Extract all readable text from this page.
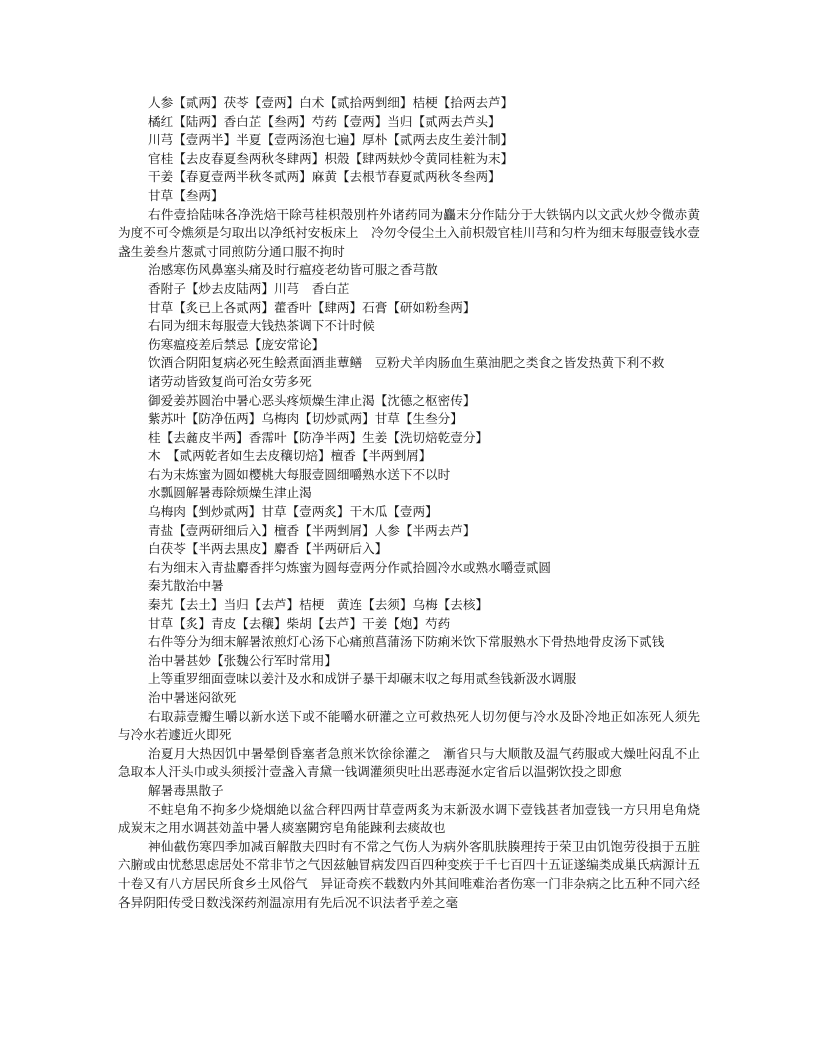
人参【贰两】茯苓【壹两】白术【贰拾两剉细】桔梗【拾两去芦】

橘红【陆两】香白芷【叁两】芍药【壹两】当归【贰两去芦头】

川芎【壹两半】半夏【壹两汤泡七遍】厚朴【贰两去皮生姜汁制】

官桂【去皮春夏叁两秋冬肆两】枳殼【肆两麸炒令黄同桂粧为末】

干姜【春夏壹两半秋冬贰两】麻黄【去根节春夏贰两秋冬叁两】

甘草【叁两】

右件壹拾陆味各净洗焙干除芎桂枳殼別杵外诸药同为麤末分作陆分于大铁锅内以文武火炒令微赤黄为度不可令燋须是匀取出以净纸衬安板床上　冷勿令侵尘土入前枳殼官桂川芎和匀杵为细末每服壹钱水壹盏生姜叁片葱贰寸同煎防分通口服不拘时

治感寒伤风鼻塞头痛及时行瘟疫老幼皆可服之香芎散

香附子【炒去皮陆两】川芎　香白芷

甘草【炙已上各贰两】藿香叶【肆两】石膏【研如粉叁两】

右同为细末每服壹大钱热茶调下不计时候

伤寒瘟疫差后禁忌【庞安常论】

饮酒合阴阳复病必死生鲙煮面酒韭蕈鳝　豆粉犬羊肉肠血生菓油肥之类食之皆发热黄下利不救

诸劳动皆致复尚可治女劳多死

御爱姜苏圆治中暑心恶头疼烦燥生津止渴【沈德之枢密传】

紫苏叶【防净伍两】乌梅肉【切炒贰两】甘草【生叁分】

桂【去麄皮半两】香霈叶【防净半两】生姜【洗切焙乾壹分】

木　【贰两乾者如生去皮穰切焙】檀香【半两剉屑】

右为末炼蜜为圆如樱桃大每服壹圆细嚼熟水送下不以时

水瓢圆解暑毒除烦燥生津止渴

乌梅肉【剉炒贰两】甘草【壹两炙】干木瓜【壹两】

青盐【壹两研细后入】檀香【半两剉屑】人参【半两去芦】

白茯苓【半两去黒皮】麝香【半两研后入】

右为细末入青盐麝香拌匀炼蜜为圆每壹两分作贰拾圆冷水或熟水嚼壹贰圆

秦艽散治中暑

秦艽【去土】当归【去芦】桔梗　黄连【去须】乌梅【去核】

甘草【炙】青皮【去穰】柴胡【去芦】干姜【炮】芍药

右件等分为细末解暑浓煎灯心汤下心痛煎菖蒲汤下防痢米饮下常服熟水下骨热地骨皮汤下贰钱

治中暑甚妙【张魏公行军时常用】

上等重罗细面壹味以姜汁及水和成饼子暴干却碾末収之每用贰叁钱新汲水调服

治中暑迷闷欲死

右取蒜壹瓣生嚼以新水送下或不能嚼水研灌之立可救热死人切勿便与冷水及卧冷地正如冻死人须先与冷水若遽近火即死

治夏月大热因饥中暑晕倒昏塞者急煎米饮徐徐灌之　漸省只与大顺散及温气药服或大燥吐闷乱不止急取本人汗头巾或头须挼汁壹盏入青黛一钱调灌须臾吐出恶毒涎水定省后以温粥饮投之即愈

解暑毒黒散子

不蛀皂角不拘多少烧烟絶以盆合秤四两甘草壹两炙为末新汲水调下壹钱甚者加壹钱一方只用皂角烧成炭末之用水调甚効盖中暑人痰塞闕窍皂角能踈利去痰故也

神仙截伤寒四季加减百解散夫四时有不常之气伤人为病外客肌肤腠理抟于荣卫由饥饱劳役損于五脏六腑或由忧愁思虑居处不常非节之气因兹触冒病发四百四种变疾于千七百四十五证遂编类成巢氏病源计五十卷又有八方居民所食乡土风俗气　异证奇疾不载数内外其间唯难治者伤寒一门非杂病之比五种不同六经各异阴阳传受日数浅深药剂温凉用有先后况不识法者乎差之毫
